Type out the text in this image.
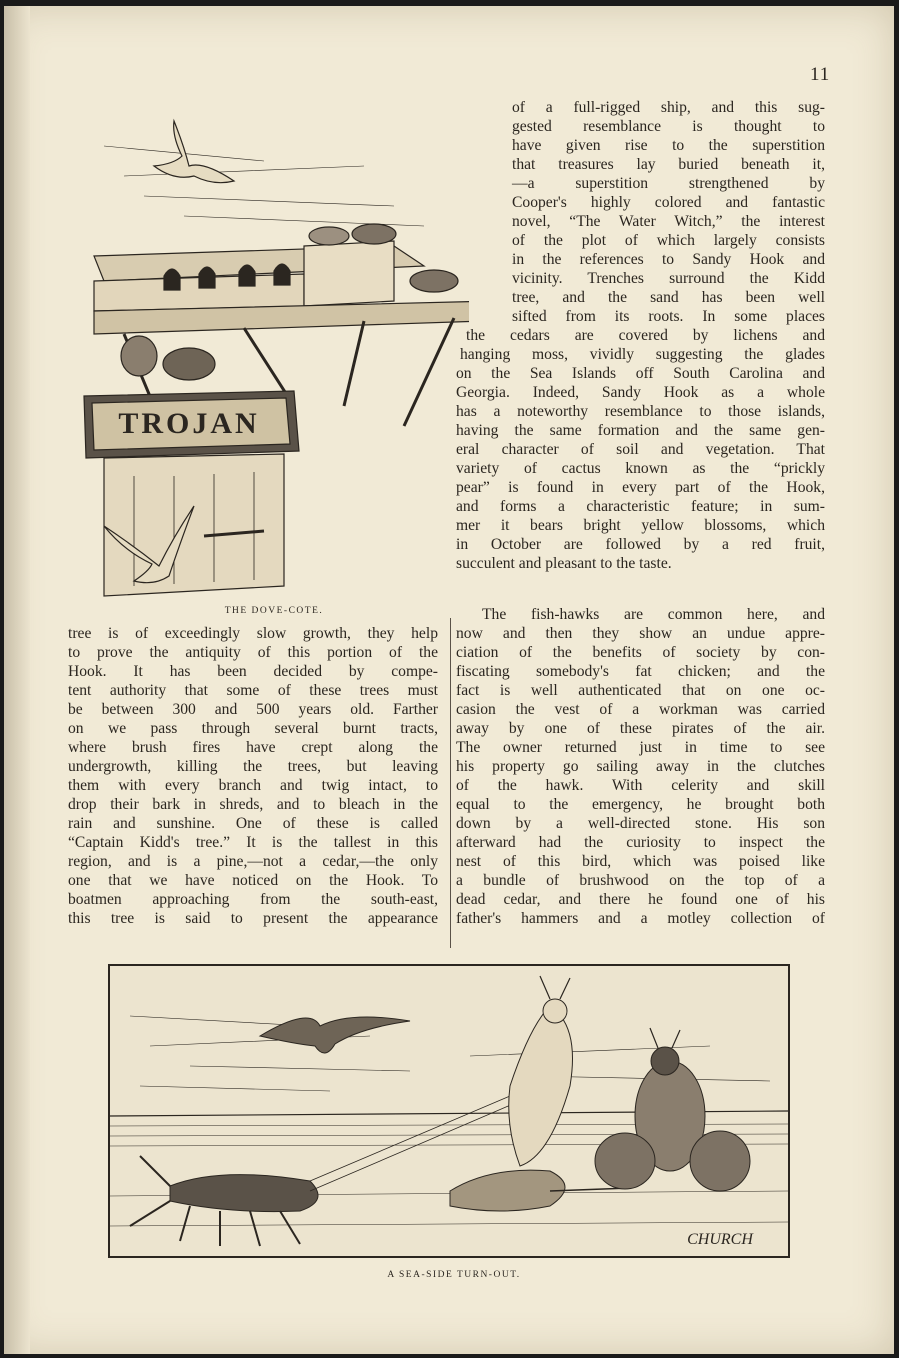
11
TROJAN
THE DOVE-COTE.
of a full-rigged ship, and this sug-
gested resemblance is thought to
have given rise to the superstition
that treasures lay buried beneath it,
—a superstition strengthened by
Cooper's highly colored and fantastic
novel, “The Water Witch,” the interest
of the plot of which largely consists
in the references to Sandy Hook and
vicinity. Trenches surround the Kidd
tree, and the sand has been well
sifted from its roots. In some places
the cedars are covered by lichens and
hanging moss, vividly suggesting the glades
on the Sea Islands off South Carolina and
Georgia. Indeed, Sandy Hook as a whole
has a noteworthy resemblance to those islands,
having the same formation and the same gen-
eral character of soil and vegetation. That
variety of cactus known as the “prickly
pear” is found in every part of the Hook,
and forms a characteristic feature; in sum-
mer it bears bright yellow blossoms, which
in October are followed by a red fruit,
succulent and pleasant to the taste.
tree is of exceedingly slow growth, they help
to prove the antiquity of this portion of the
Hook. It has been decided by compe-
tent authority that some of these trees must
be between 300 and 500 years old. Farther
on we pass through several burnt tracts,
where brush fires have crept along the
undergrowth, killing the trees, but leaving
them with every branch and twig intact, to
drop their bark in shreds, and to bleach in the
rain and sunshine. One of these is called
“Captain Kidd's tree.” It is the tallest in this
region, and is a pine,—not a cedar,—the only
one that we have noticed on the Hook. To
boatmen approaching from the south-east,
this tree is said to present the appearance
The fish-hawks are common here, and
now and then they show an undue appre-
ciation of the benefits of society by con-
fiscating somebody's fat chicken; and the
fact is well authenticated that on one oc-
casion the vest of a workman was carried
away by one of these pirates of the air.
The owner returned just in time to see
his property go sailing away in the clutches
of the hawk. With celerity and skill
equal to the emergency, he brought both
down by a well-directed stone. His son
afterward had the curiosity to inspect the
nest of this bird, which was poised like
a bundle of brushwood on the top of a
dead cedar, and there he found one of his
father's hammers and a motley collection of
CHURCH
A SEA-SIDE TURN-OUT.
